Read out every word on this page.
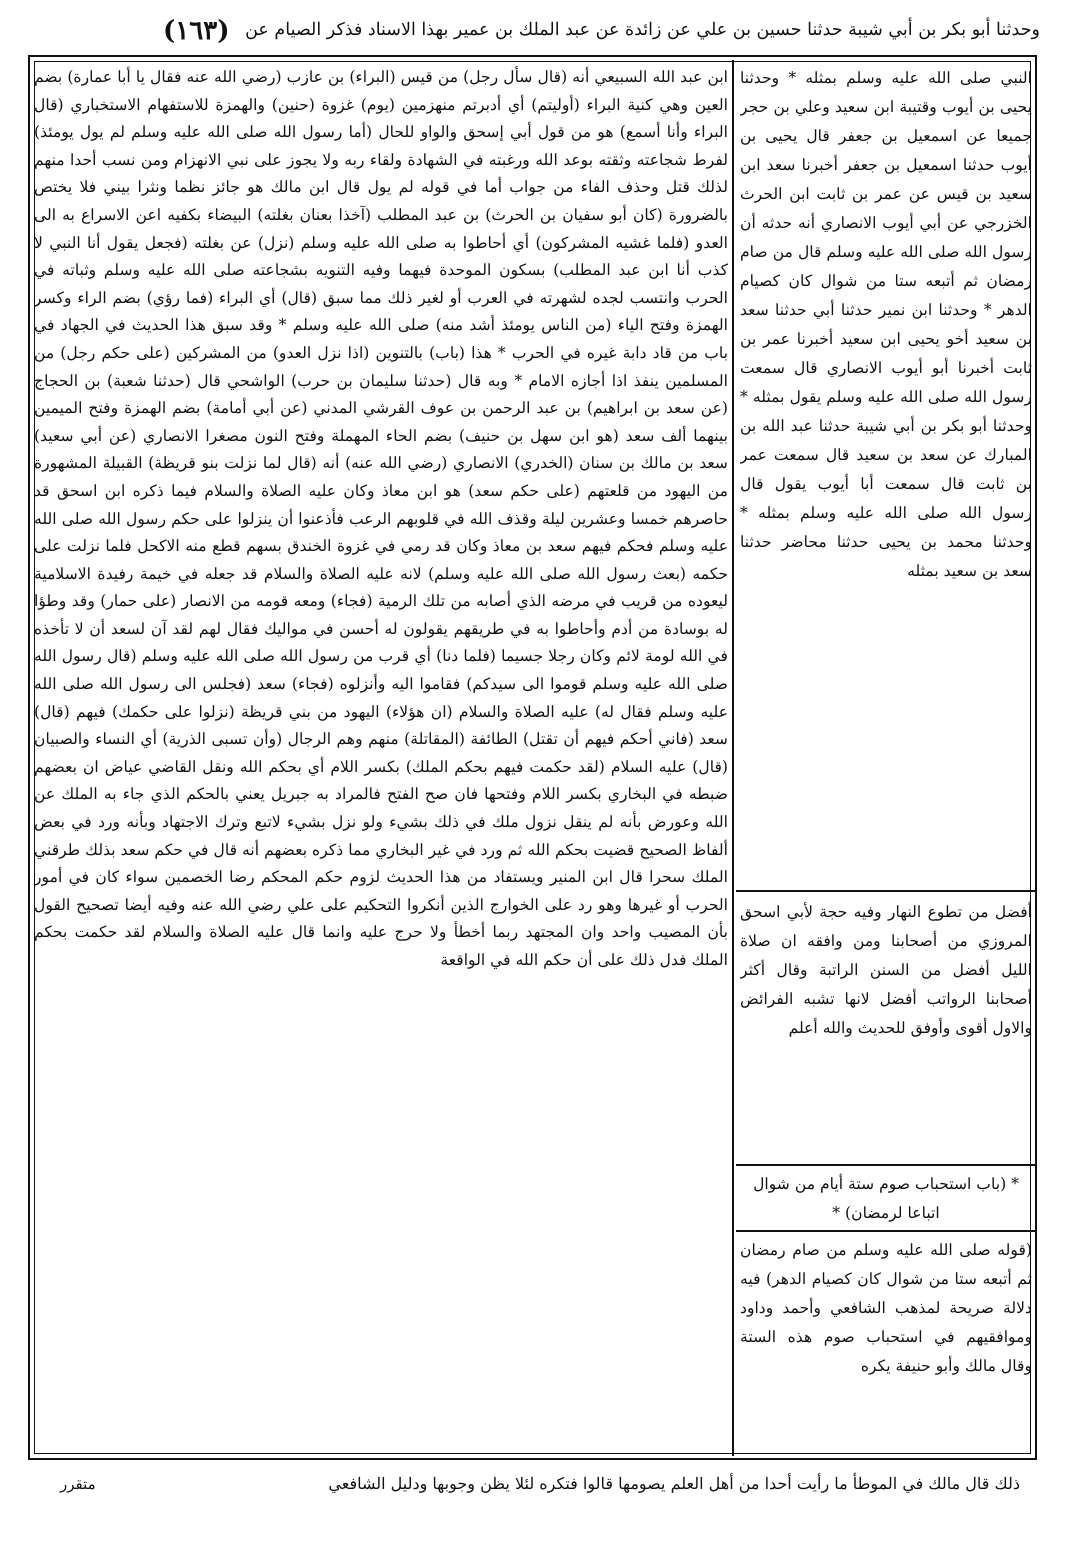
وحدثنا أبو بكر بن أبي شيبة حدثنا حسين بن علي عن زائدة عن عبد الملك بن عمير بهذا الاسناد فذكر الصيام عن (١٦٣)

ابن عبد الله السبيعي أنه (قال سأل رجل) من قيس (البراء) بن عازب (رضي الله عنه فقال يا أبا عمارة) بضم العين وهي كنية البراء (أوليتم) أي أدبرتم منهزمين (يوم) غزوة (حنين) والهمزة للاستفهام الاستخباري (قال البراء وأنا أسمع) هو من قول أبي إسحق والواو للحال (أما رسول الله صلى الله عليه وسلم لم يول يومئذ) لفرط شجاعته وثقته بوعد الله ورغبته في الشهادة ولقاء ربه ولا يجوز على نبي الانهزام ومن نسب أحدا منهم لذلك قتل وحذف الفاء من جواب أما في قوله لم يول قال ابن مالك هو جائز نظما ونثرا بيني فلا يختص بالضرورة (كان أبو سفيان بن الحرث) بن عبد المطلب (آخذا بعنان بغلته) البيضاء بكفيه اعن الاسراع به الى العدو (فلما غشيه المشركون) أي أحاطوا به صلى الله عليه وسلم (نزل) عن بغلته (فجعل يقول أنا النبي لا كذب أنا ابن عبد المطلب) بسكون الموحدة فيهما وفيه التنويه بشجاعته صلى الله عليه وسلم وثباته في الحرب وانتسب لجده لشهرته في العرب أو لغير ذلك مما سبق (قال) أي البراء (فما رؤي) بضم الراء وكسر الهمزة وفتح الياء (من الناس يومئذ أشد منه) صلى الله عليه وسلم * وقد سبق هذا الحديث في الجهاد في باب من قاد دابة غيره في الحرب * هذا (باب) بالتنوين (اذا نزل العدو) من المشركين (على حكم رجل) من المسلمين ينفذ اذا أجازه الامام * وبه قال (حدثنا سليمان بن حرب) الواشحي قال (حدثنا شعبة) بن الحجاج (عن سعد بن ابراهيم) بن عبد الرحمن بن عوف القرشي المدني (عن أبي أمامة) بضم الهمزة وفتح الميمين بينهما ألف سعد (هو ابن سهل بن حنيف) بضم الحاء المهملة وفتح النون مصغرا الانصاري (عن أبي سعيد) سعد بن مالك بن سنان (الخدري) الانصاري (رضي الله عنه) أنه (قال لما نزلت بنو قريظة) القبيلة المشهورة من اليهود من قلعتهم (على حكم سعد) هو ابن معاذ وكان عليه الصلاة والسلام فيما ذكره ابن اسحق قد حاصرهم خمسا وعشرين ليلة وقذف الله في قلوبهم الرعب فأذعنوا أن ينزلوا على حكم رسول الله صلى الله عليه وسلم فحكم فيهم سعد بن معاذ وكان قد رمي في غزوة الخندق بسهم قطع منه الاكحل فلما نزلت على حكمه (بعث رسول الله صلى الله عليه وسلم) لانه عليه الصلاة والسلام قد جعله في خيمة رفيدة الاسلامية ليعوده من قريب في مرضه الذي أصابه من تلك الرمية (فجاء) ومعه قومه من الانصار (على حمار) وقد وطؤا له بوسادة من أدم وأحاطوا به في طريقهم يقولون له أحسن في مواليك فقال لهم لقد آن لسعد أن لا تأخذه في الله لومة لائم وكان رجلا جسيما (فلما دنا) أي قرب من رسول الله صلى الله عليه وسلم (قال رسول الله صلى الله عليه وسلم قوموا الى سيدكم) فقاموا اليه وأنزلوه (فجاء) سعد (فجلس الى رسول الله صلى الله عليه وسلم فقال له) عليه الصلاة والسلام (ان هؤلاء) اليهود من بني قريظة (نزلوا على حكمك) فيهم (قال) سعد (فاني أحكم فيهم أن تقتل) الطائفة (المقاتلة) منهم وهم الرجال (وأن تسبى الذرية) أي النساء والصبيان (قال) عليه السلام (لقد حكمت فيهم بحكم الملك) بكسر اللام أي بحكم الله ونقل القاضي عياض ان بعضهم ضبطه في البخاري بكسر اللام وفتحها فان صح الفتح فالمراد به جبريل يعني بالحكم الذي جاء به الملك عن الله وعورض بأنه لم ينقل نزول ملك في ذلك بشيء ولو نزل بشيء لاتبع وترك الاجتهاد وبأنه ورد في بعض ألفاظ الصحيح قضيت بحكم الله ثم ورد في غير البخاري مما ذكره بعضهم أنه قال في حكم سعد بذلك طرقني الملك سحرا قال ابن المنير ويستفاد من هذا الحديث لزوم حكم المحكم رضا الخصمين سواء كان في أمور الحرب أو غيرها وهو رد على الخوارج الذين أنكروا التحكيم على علي رضي الله عنه وفيه أيضا تصحيح القول بأن المصيب واحد وان المجتهد ربما أخطأ ولا حرج عليه وانما قال عليه الصلاة والسلام لقد حكمت بحكم الملك فدل ذلك على أن حكم الله في الواقعة

النبي صلى الله عليه وسلم بمثله * وحدثنا يحيى بن أيوب وقتيبة ابن سعيد وعلي بن حجر جميعا عن اسمعيل بن جعفر قال يحيى بن أيوب حدثنا اسمعيل بن جعفر أخبرنا سعد ابن سعيد بن قيس عن عمر بن ثابت ابن الحرث الخزرجي عن أبي أيوب الانصاري أنه حدثه أن رسول الله صلى الله عليه وسلم قال من صام رمضان ثم أتبعه ستا من شوال كان كصيام الدهر * وحدثنا ابن نمير حدثنا أبي حدثنا سعد بن سعيد أخو يحيى ابن سعيد أخبرنا عمر بن ثابت أخبرنا أبو أيوب الانصاري قال سمعت رسول الله صلى الله عليه وسلم يقول بمثله * وحدثنا أبو بكر بن أبي شيبة حدثنا عبد الله بن المبارك عن سعد بن سعيد قال سمعت عمر بن ثابت قال سمعت أبا أيوب يقول قال رسول الله صلى الله عليه وسلم بمثله * وحدثنا محمد بن يحيى حدثنا محاضر حدثنا سعد بن سعيد بمثله

أفضل من تطوع النهار وفيه حجة لأبي اسحق المروزي من أصحابنا ومن وافقه ان صلاة الليل أفضل من السنن الراتبة وقال أكثر أصحابنا الرواتب أفضل لانها تشبه الفرائض والاول أقوى وأوفق للحديث والله أعلم

* (باب استحباب صوم ستة أيام من شوال اتباعا لرمضان) *

(قوله صلى الله عليه وسلم من صام رمضان ثم أتبعه ستا من شوال كان كصيام الدهر) فيه دلالة صريحة لمذهب الشافعي وأحمد وداود وموافقيهم في استحباب صوم هذه الستة وقال مالك وأبو حنيفة يكره

ذلك قال مالك في الموطأ ما رأيت أحدا من أهل العلم يصومها قالوا فتكره لئلا يظن وجوبها ودليل الشافعي
متقرر
